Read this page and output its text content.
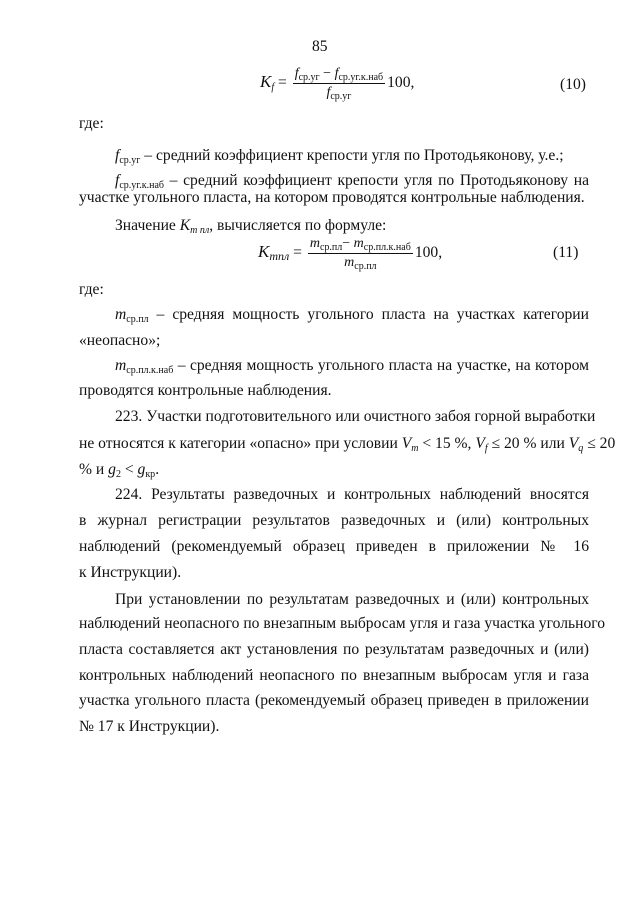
85
$K_f = \frac{f_{ср.уг} - f_{ср.уг.к.наб}}{f_{ср.уг}} 100$,	(10)
где:
$f_{ср.уг}$ – средний коэффициент крепости угля по Протодьяконову, у.е.;
$f_{ср.уг.к.наб}$ – средний коэффициент крепости угля по Протодьяконову на
участке угольного пласта, на котором проводятся контрольные наблюдения.
Значение $K_{m пл}$, вычисляется по формуле:
$K_{mпл} = \frac{m_{ср.пл}- m_{ср.пл.к.наб}}{m_{ср.пл}} 100$,	(11)
где:
$m_{ср.пл}$ – средняя мощность угольного пласта на участках категории
«неопасно»;
$m_{ср.пл.к.наб}$ – средняя мощность угольного пласта на участке, на котором
проводятся контрольные наблюдения.
223. Участки подготовительного или очистного забоя горной выработки
не относятся к категории «опасно» при условии $V_m < 15$ %, $V_f \le 20$ % или $V_q \le 20$
% и $g_2 < g_{кр}$.
224. Результаты разведочных и контрольных наблюдений вносятся
в журнал регистрации результатов разведочных и (или) контрольных
наблюдений (рекомендуемый образец приведен в приложении № 16
к Инструкции).
При установлении по результатам разведочных и (или) контрольных
наблюдений неопасного по внезапным выбросам угля и газа участка угольного
пласта составляется акт установления по результатам разведочных и (или)
контрольных наблюдений неопасного по внезапным выбросам угля и газа
участка угольного пласта (рекомендуемый образец приведен в приложении
№ 17 к Инструкции).
